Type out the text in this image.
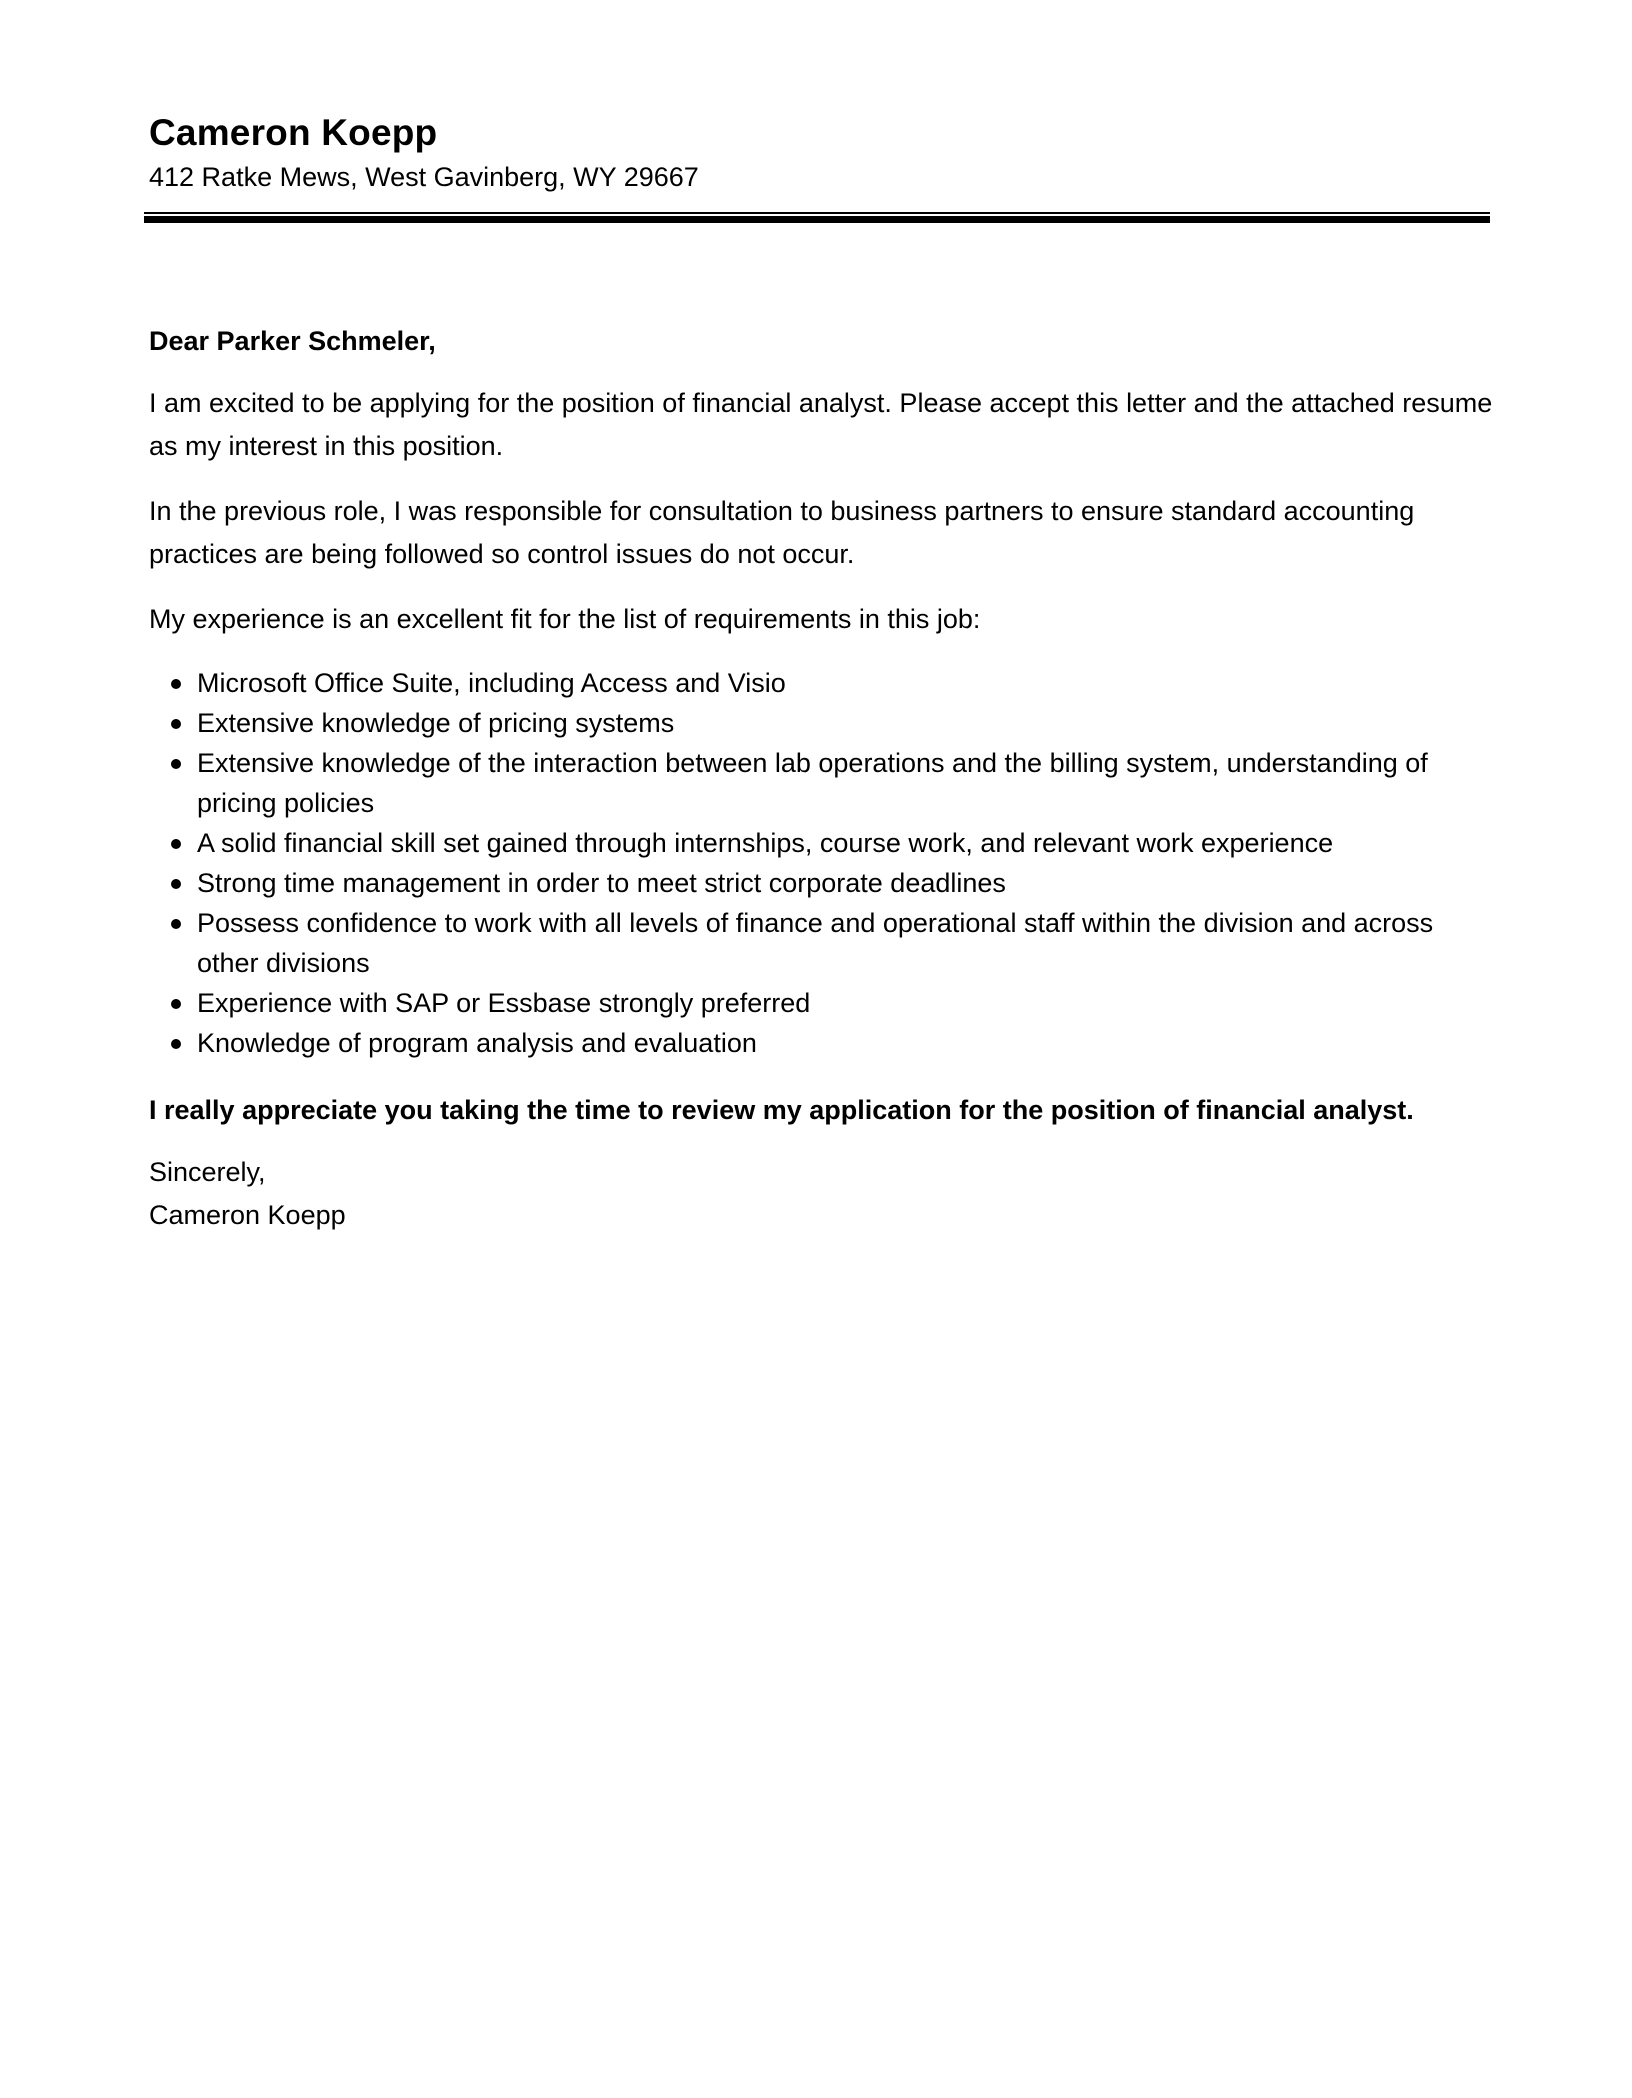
Cameron Koepp
412 Ratke Mews, West Gavinberg, WY 29667

Dear Parker Schmeler,

I am excited to be applying for the position of financial analyst. Please accept this letter and the attached resume as my interest in this position.

In the previous role, I was responsible for consultation to business partners to ensure standard accounting practices are being followed so control issues do not occur.

My experience is an excellent fit for the list of requirements in this job:

Microsoft Office Suite, including Access and Visio
Extensive knowledge of pricing systems
Extensive knowledge of the interaction between lab operations and the billing system, understanding of pricing policies
A solid financial skill set gained through internships, course work, and relevant work experience
Strong time management in order to meet strict corporate deadlines
Possess confidence to work with all levels of finance and operational staff within the division and across other divisions
Experience with SAP or Essbase strongly preferred
Knowledge of program analysis and evaluation

I really appreciate you taking the time to review my application for the position of financial analyst.

Sincerely,

Cameron Koepp
